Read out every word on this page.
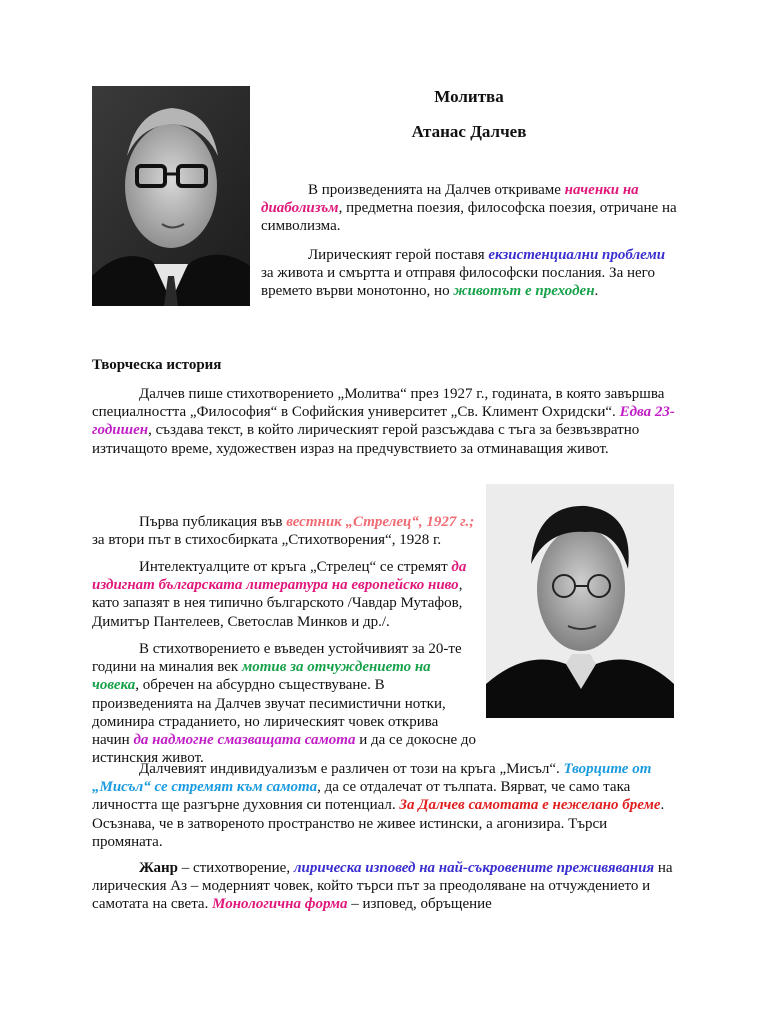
Молитва
Атанас Далчев

В произведенията на Далчев откриваме наченки на диаболизъм, предметна поезия, философска поезия, отричане на символизма.

Лирическият герой поставя екзистенциални проблеми за живота и смъртта и отправя философски послания. За него времето върви монотонно, но животът е преходен.

Творческа история

Далчев пише стихотворението „Молитва“ през 1927 г., годината, в която завършва специалността „Философия“ в Софийския университет „Св. Климент Охридски“. Едва 23-годишен, създава текст, в който лирическият герой разсъждава с тъга за безвъзвратно изтичащото време, художествен израз на предчувствието за отминаващия живот.

Първа публикация във вестник „Стрелец“, 1927 г.; за втори път в стихосбирката „Стихотворения“, 1928 г.

Интелектуалците от кръга „Стрелец“ се стремят да издигнат българската литература на европейско ниво, като запазят в нея типично българското /Чавдар Мутафов, Димитър Пантелеев, Светослав Минков и др./.

В стихотворението е въведен устойчивият за 20-те години на миналия век мотив за отчуждението на човека, обречен на абсурдно съществуване. В произведенията на Далчев звучат песимистични нотки, доминира страданието, но лирическият човек открива начин да надмогне смазващата самота и да се докосне до истинския живот.

Далчевият индивидуализъм е различен от този на кръга „Мисъл“. Творците от „Мисъл“ се стремят към самота, да се отдалечат от тълпата. Вярват, че само така личността ще разгърне духовния си потенциал. За Далчев самотата е нежелано бреме. Осъзнава, че в затвореното пространство не живее истински, а агонизира. Търси промяната.

Жанр – стихотворение, лирическа изповед на най-съкровените преживявания на лирическия Аз – модерният човек, който търси път за преодоляване на отчуждението и самотата на света. Монологична форма – изповед, обръщение
